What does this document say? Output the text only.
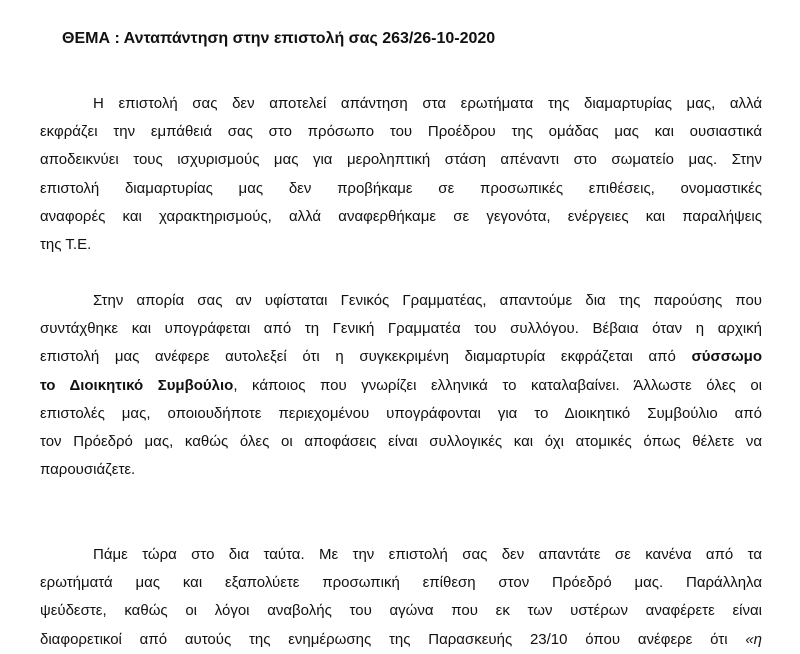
ΘΕΜΑ : Ανταπάντηση στην επιστολή σας 263/26-10-2020
Η επιστολή σας δεν αποτελεί απάντηση στα ερωτήματα της διαμαρτυρίας μας, αλλά
εκφράζει την εμπάθειά σας στο πρόσωπο του Προέδρου της ομάδας μας και ουσιαστικά
αποδεικνύει τους ισχυρισμούς μας για μεροληπτική στάση απέναντι στο σωματείο μας. Στην
επιστολή διαμαρτυρίας μας δεν προβήκαμε σε προσωπικές επιθέσεις, ονομαστικές
αναφορές και χαρακτηρισμούς, αλλά αναφερθήκαμε σε γεγονότα, ενέργειες και παραλήψεις
της Τ.Ε.
Στην απορία σας αν υφίσταται Γενικός Γραμματέας, απαντούμε δια της παρούσης που
συντάχθηκε και υπογράφεται από τη Γενική Γραμματέα του συλλόγου. Βέβαια όταν η αρχική
επιστολή μας ανέφερε αυτολεξεί ότι η συγκεκριμένη διαμαρτυρία εκφράζεται από σύσσωμο
το Διοικητικό Συμβούλιο, κάποιος που γνωρίζει ελληνικά το καταλαβαίνει. Άλλωστε όλες οι
επιστολές μας, οποιουδήποτε περιεχομένου υπογράφονται για το Διοικητικό Συμβούλιο από
τον Πρόεδρό μας, καθώς όλες οι αποφάσεις είναι συλλογικές και όχι ατομικές όπως θέλετε να
παρουσιάζετε.
Πάμε τώρα στο δια ταύτα. Με την επιστολή σας δεν απαντάτε σε κανένα από τα
ερωτήματά μας και εξαπολύετε προσωπική επίθεση στον Πρόεδρό μας. Παράλληλα
ψεύδεστε, καθώς οι λόγοι αναβολής του αγώνα που εκ των υστέρων αναφέρετε είναι
διαφορετικοί από αυτούς της ενημέρωσης της Παρασκευής 23/10 όπου ανέφερε ότι «η
